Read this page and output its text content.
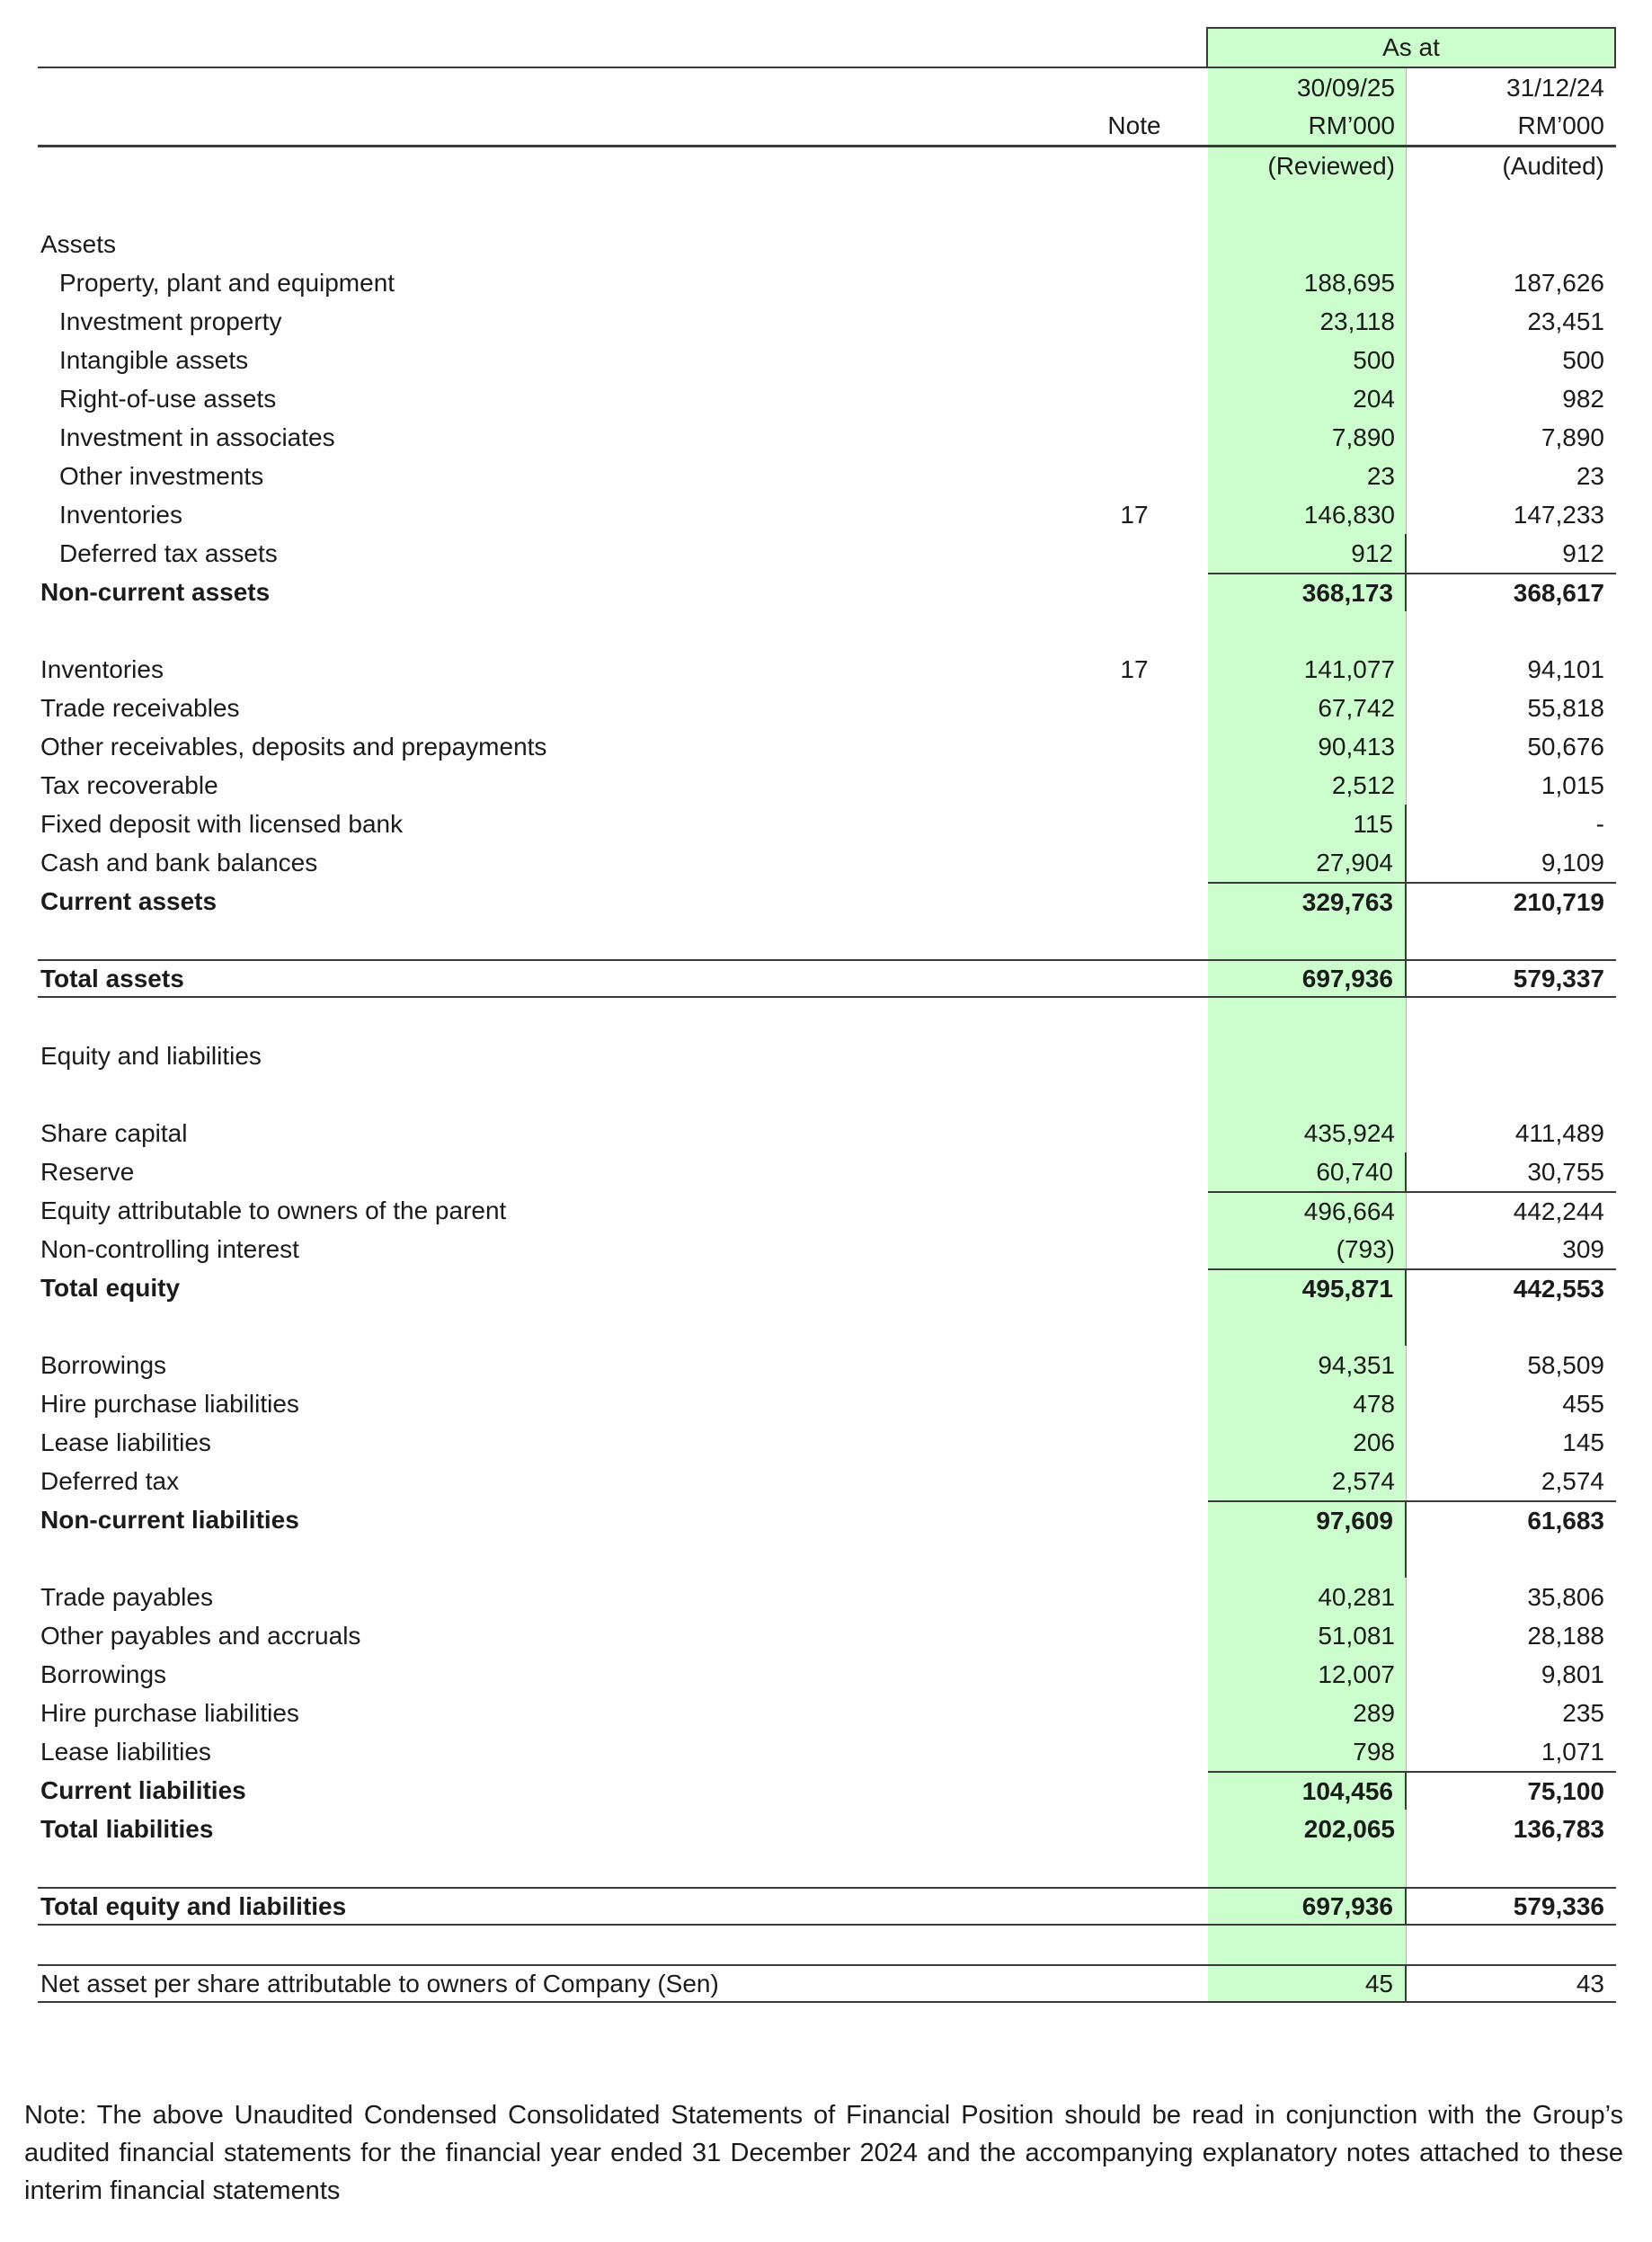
As at
30/09/25	31/12/24
Note	RM’000	RM’000
(Reviewed)	(Audited)
Assets
Property, plant and equipment	188,695	187,626
Investment property	23,118	23,451
Intangible assets	500	500
Right-of-use assets	204	982
Investment in associates	7,890	7,890
Other investments	23	23
Inventories	17	146,830	147,233
Deferred tax assets	912	912
Non-current assets	368,173	368,617
Inventories	17	141,077	94,101
Trade receivables	67,742	55,818
Other receivables, deposits and prepayments	90,413	50,676
Tax recoverable	2,512	1,015
Fixed deposit with licensed bank	115	-
Cash and bank balances	27,904	9,109
Current assets	329,763	210,719
Total assets	697,936	579,337
Equity and liabilities
Share capital	435,924	411,489
Reserve	60,740	30,755
Equity attributable to owners of the parent	496,664	442,244
Non-controlling interest	(793)	309
Total equity	495,871	442,553
Borrowings	94,351	58,509
Hire purchase liabilities	478	455
Lease liabilities	206	145
Deferred tax	2,574	2,574
Non-current liabilities	97,609	61,683
Trade payables	40,281	35,806
Other payables and accruals	51,081	28,188
Borrowings	12,007	9,801
Hire purchase liabilities	289	235
Lease liabilities	798	1,071
Current liabilities	104,456	75,100
Total liabilities	202,065	136,783
Total equity and liabilities	697,936	579,336
Net asset per share attributable to owners of Company (Sen)	45	43
Note: The above Unaudited Condensed Consolidated Statements of Financial Position should be read in conjunction with the Group’s audited financial statements for the financial year ended 31 December 2024 and the accompanying explanatory notes attached to these interim financial statements
